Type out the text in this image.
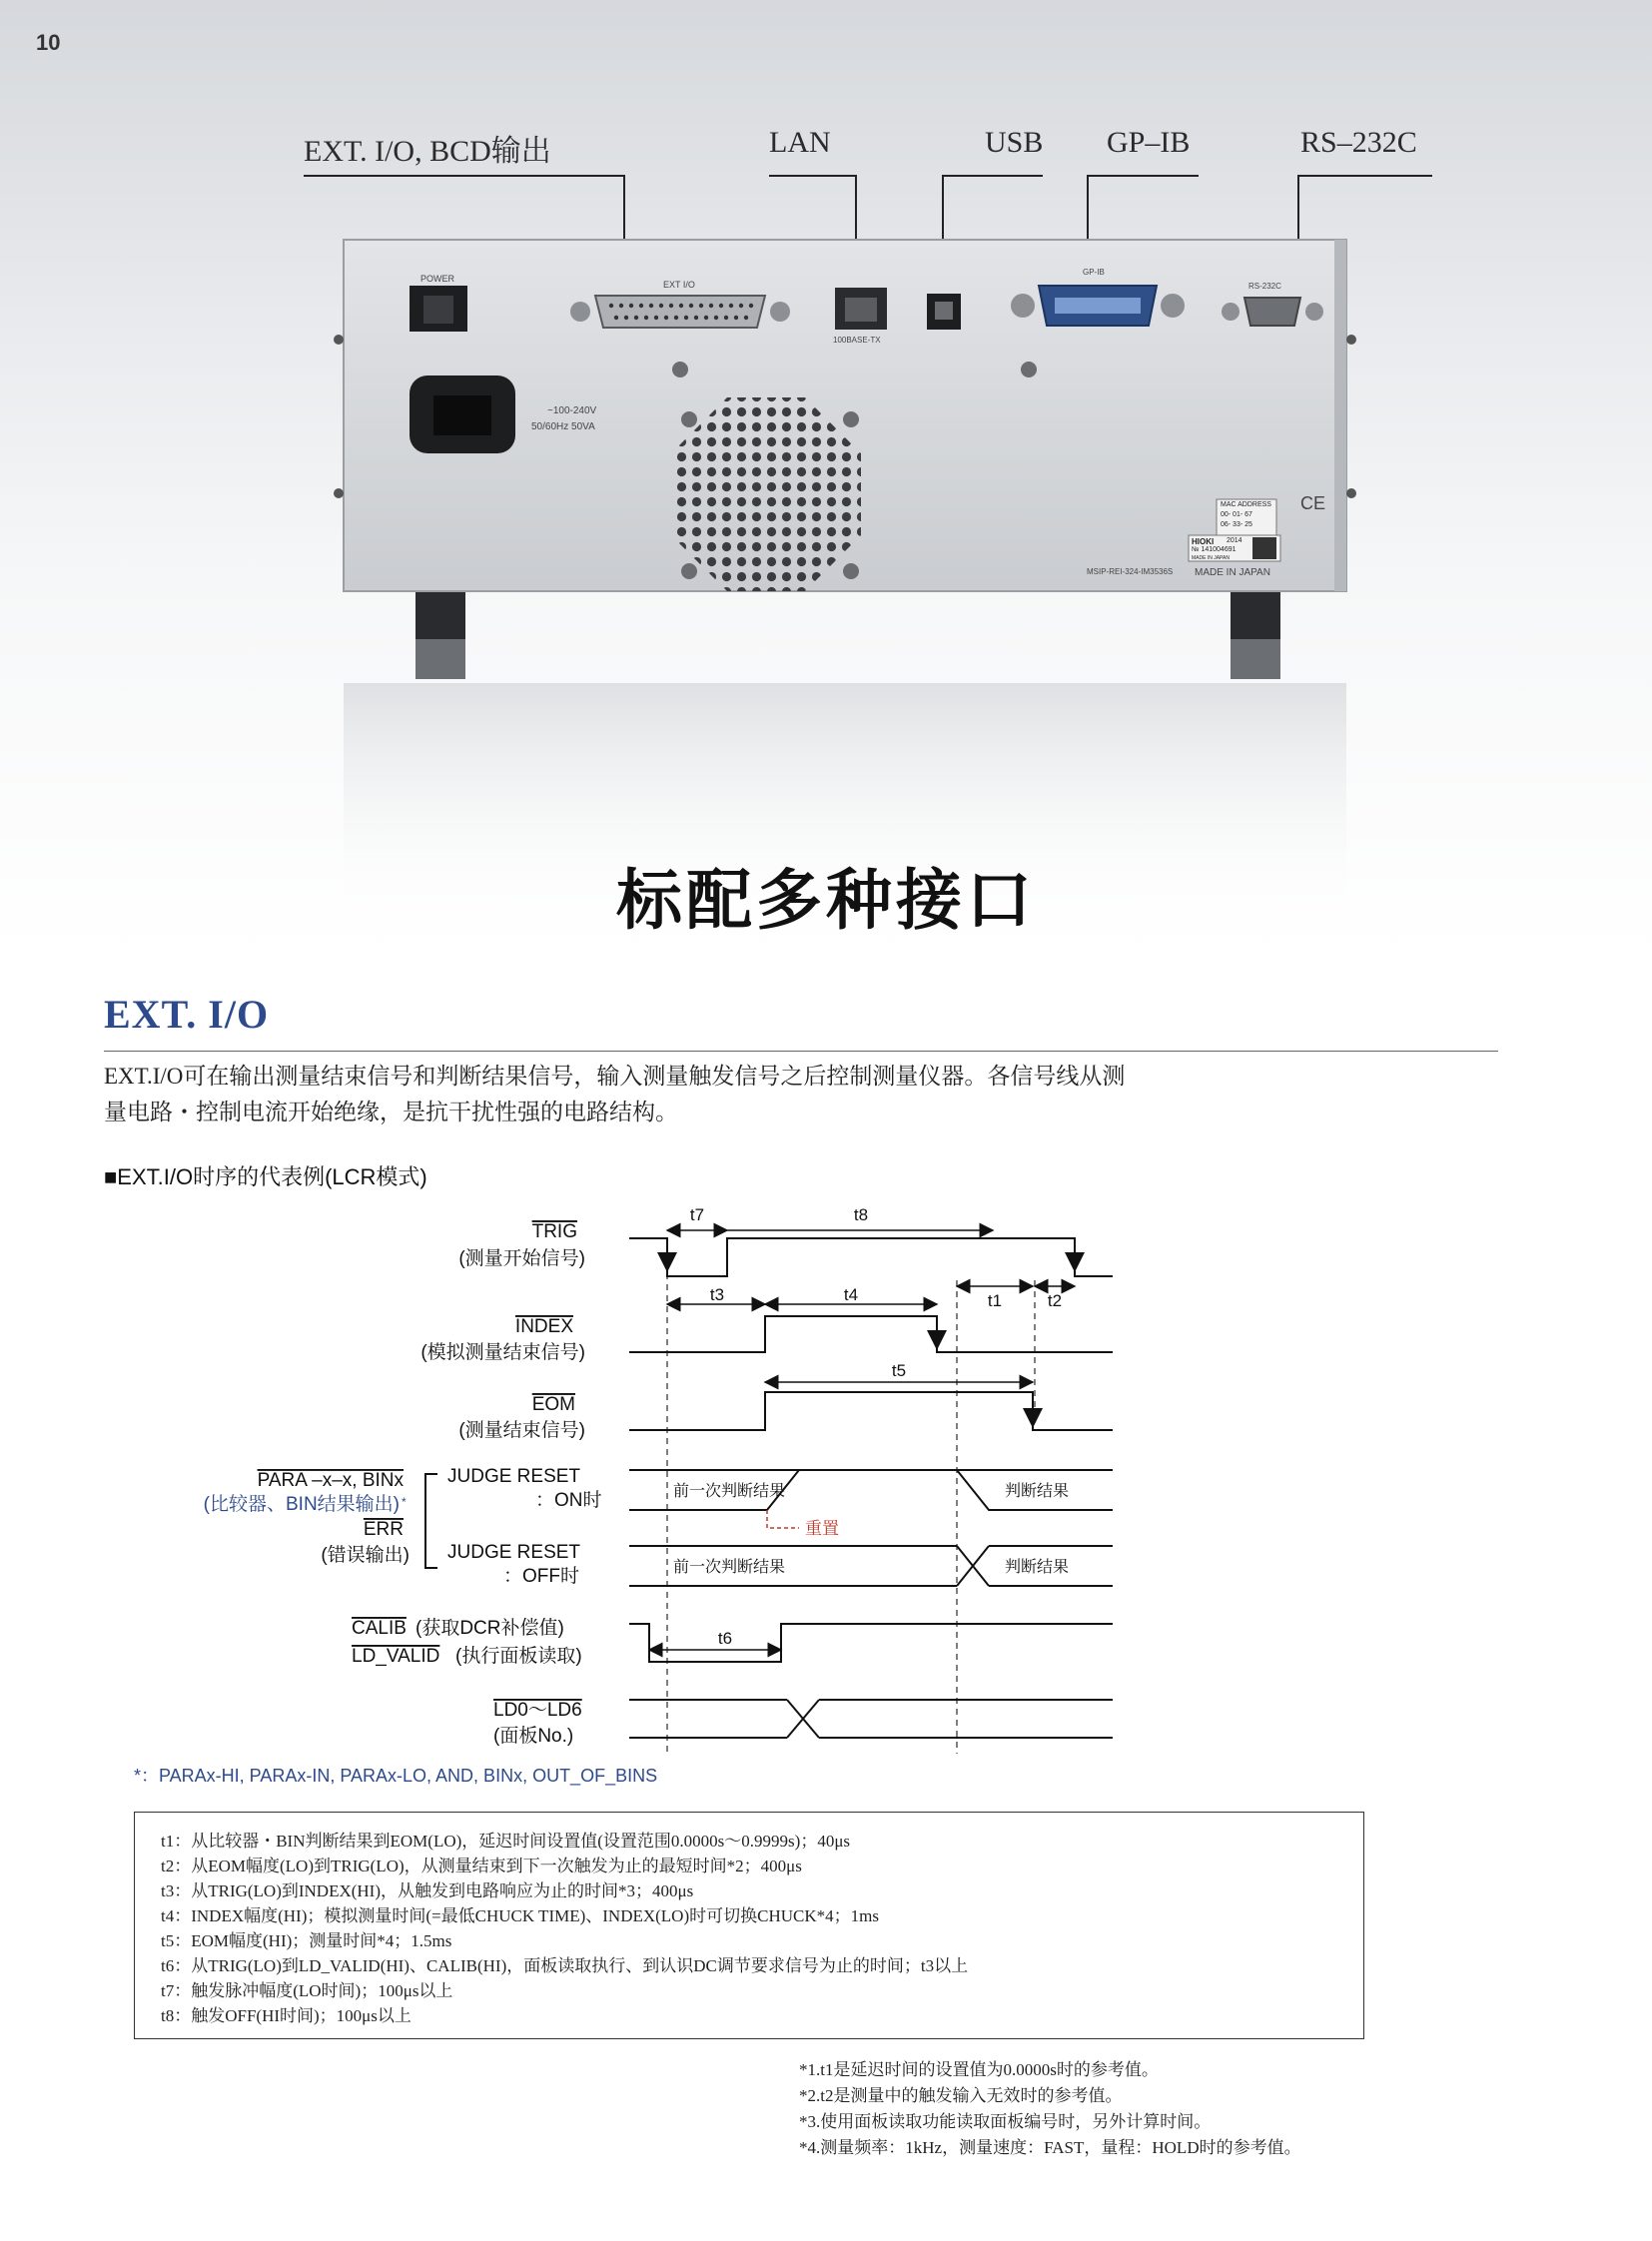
10
EXT. I/O, BCD输出	LAN	USB GP–IB	RS–232C
POWER
EXT I/O
100BASE-TX
GP-IB
RS-232C
~100-240V
50/60Hz 50VA
MAC ADDRESS
00- 01- 67
06- 33- 25
HIOKI 2014
№ 141004691
MADE IN JAPAN
MSIP-REI-324-IM3536S MADE IN JAPAN
CE
标配多种接口
EXT. I/O
EXT.I/O可在输出测量结束信号和判断结果信号，输入测量触发信号之后控制测量仪器。各信号线从测
量电路・控制电流开始绝缘，是抗干扰性强的电路结构。
■EXT.I/O时序的代表例(LCR模式)
TRIG
(测量开始信号)
INDEX
(模拟测量结束信号)
EOM
(测量结束信号)
PARA –x–x, BINx
(比较器、BIN结果输出)
ERR
(错误输出)
*
JUDGE RESET
：ON时
JUDGE RESET
：OFF时
CALIB (获取DCR补偿值)
LD_VALID (执行面板读取)
LD0～LD6
(面板No.)
t7	t8
t3	t4	t1	t2
t5
t6
前一次判断结果	判断结果
前一次判断结果	判断结果
重置
*：PARAx-HI, PARAx-IN, PARAx-LO, AND, BINx, OUT_OF_BINS
t1：从比较器・BIN判断结果到EOM(LO)，延迟时间设置值(设置范围0.0000s～0.9999s)；40μs
t2：从EOM幅度(LO)到TRIG(LO)，从测量结束到下一次触发为止的最短时间*2；400μs
t3：从TRIG(LO)到INDEX(HI)，从触发到电路响应为止的时间*3；400μs
t4：INDEX幅度(HI)；模拟测量时间(=最低CHUCK TIME)、INDEX(LO)时可切换CHUCK*4；1ms
t5：EOM幅度(HI)；测量时间*4；1.5ms
t6：从TRIG(LO)到LD_VALID(HI)、CALIB(HI)，面板读取执行、到认识DC调节要求信号为止的时间；t3以上
t7：触发脉冲幅度(LO时间)；100μs以上
t8：触发OFF(HI时间)；100μs以上
*1.t1是延迟时间的设置值为0.0000s时的参考值。
*2.t2是测量中的触发输入无效时的参考值。
*3.使用面板读取功能读取面板编号时，另外计算时间。
*4.测量频率：1kHz，测量速度：FAST，量程：HOLD时的参考值。
